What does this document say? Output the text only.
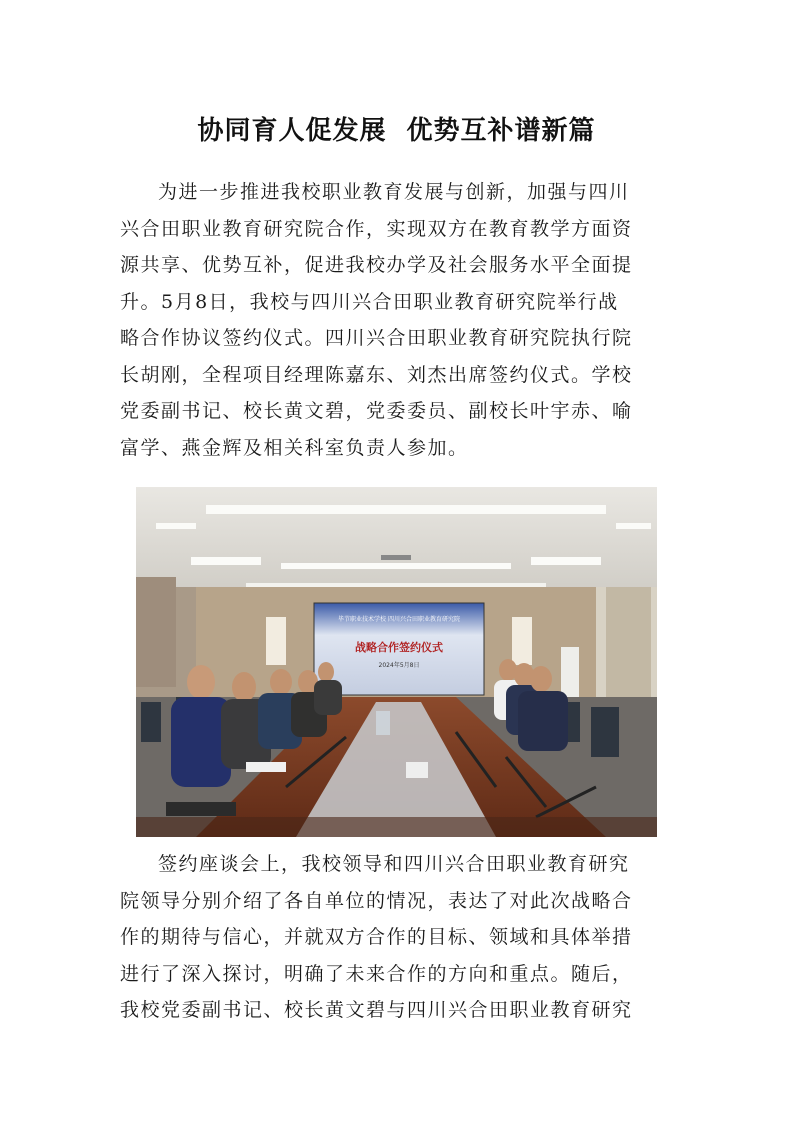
协同育人促发展  优势互补谱新篇
为进一步推进我校职业教育发展与创新，加强与四川
兴合田职业教育研究院合作，实现双方在教育教学方面资
源共享、优势互补，促进我校办学及社会服务水平全面提
升。5月8日，我校与四川兴合田职业教育研究院举行战
略合作协议签约仪式。四川兴合田职业教育研究院执行院
长胡刚，全程项目经理陈嘉东、刘杰出席签约仪式。学校
党委副书记、校长黄文碧，党委委员、副校长叶宇赤、喻
富学、燕金辉及相关科室负责人参加。
毕节职业技术学校 四川兴合田职业教育研究院
战略合作签约仪式
2024年5月8日
签约座谈会上，我校领导和四川兴合田职业教育研究
院领导分别介绍了各自单位的情况，表达了对此次战略合
作的期待与信心，并就双方合作的目标、领域和具体举措
进行了深入探讨，明确了未来合作的方向和重点。随后，
我校党委副书记、校长黄文碧与四川兴合田职业教育研究
